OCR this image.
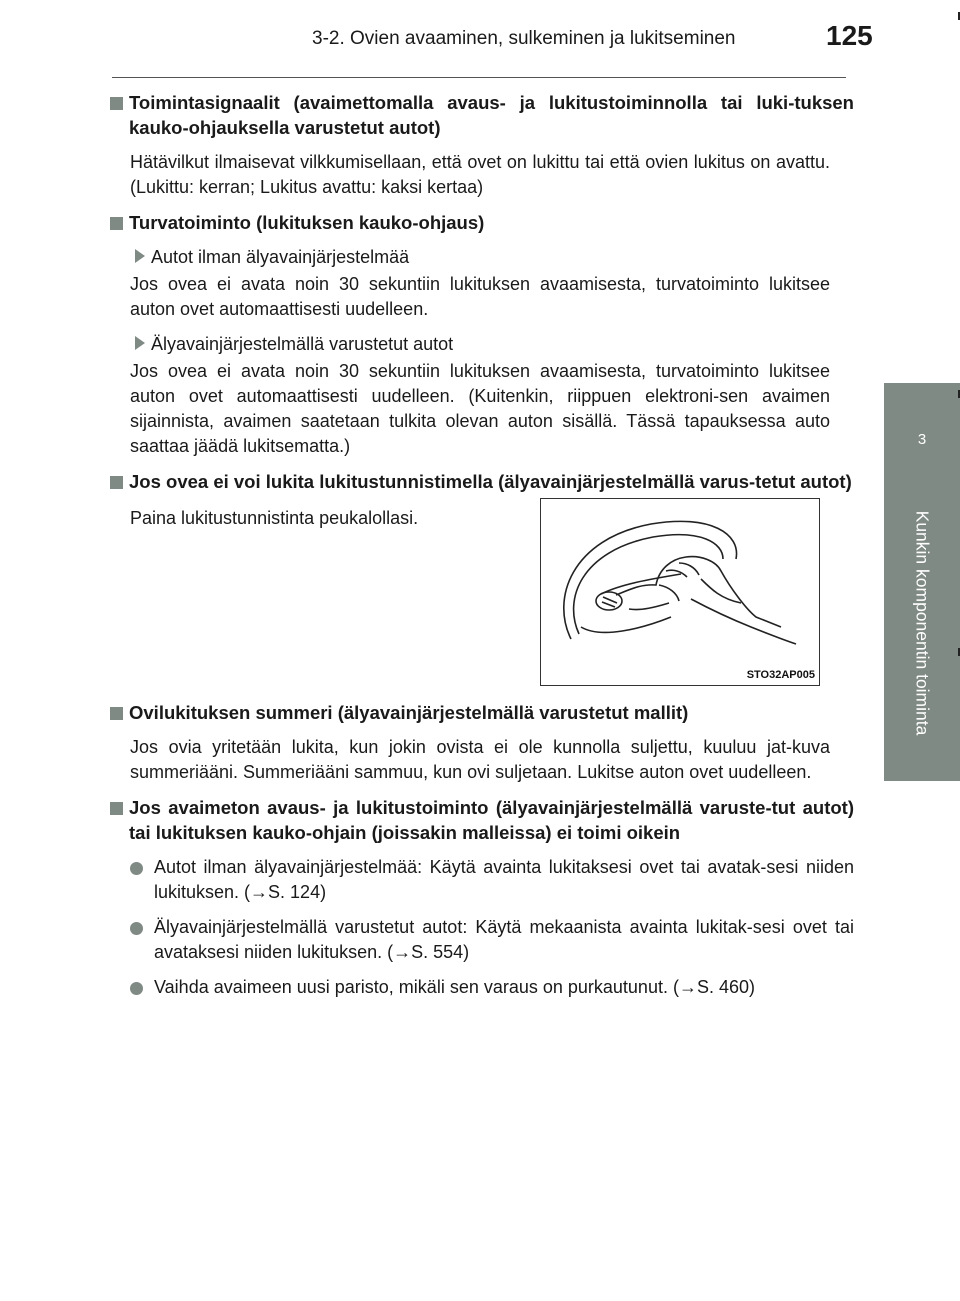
3-2. Ovien avaaminen, sulkeminen ja lukitseminen	125
3
Kunkin komponentin toiminta
Toimintasignaalit (avaimettomalla avaus- ja lukitustoiminnolla tai luki-tuksen kauko-ohjauksella varustetut autot)
Hätävilkut ilmaisevat vilkkumisellaan, että ovet on lukittu tai että ovien lukitus on avattu. (Lukittu: kerran; Lukitus avattu: kaksi kertaa)
Turvatoiminto (lukituksen kauko-ohjaus)
Autot ilman älyavainjärjestelmää
Jos ovea ei avata noin 30 sekuntiin lukituksen avaamisesta, turvatoiminto lukitsee auton ovet automaattisesti uudelleen.
Älyavainjärjestelmällä varustetut autot
Jos ovea ei avata noin 30 sekuntiin lukituksen avaamisesta, turvatoiminto lukitsee auton ovet automaattisesti uudelleen. (Kuitenkin, riippuen elektroni-sen avaimen sijainnista, avaimen saatetaan tulkita olevan auton sisällä. Tässä tapauksessa auto saattaa jäädä lukitsematta.)
Jos ovea ei voi lukita lukitustunnistimella (älyavainjärjestelmällä varus-tetut autot)
Paina lukitustunnistinta peukalollasi.
STO32AP005
Ovilukituksen summeri (älyavainjärjestelmällä varustetut mallit)
Jos ovia yritetään lukita, kun jokin ovista ei ole kunnolla suljettu, kuuluu jat-kuva summeriääni. Summeriääni sammuu, kun ovi suljetaan. Lukitse auton ovet uudelleen.
Jos avaimeton avaus- ja lukitustoiminto (älyavainjärjestelmällä varuste-tut autot) tai lukituksen kauko-ohjain (joissakin malleissa) ei toimi oikein
Autot ilman älyavainjärjestelmää: Käytä avainta lukitaksesi ovet tai avatak-sesi niiden lukituksen. (→S. 124)
Älyavainjärjestelmällä varustetut autot: Käytä mekaanista avainta lukitak-sesi ovet tai avataksesi niiden lukituksen. (→S. 554)
Vaihda avaimeen uusi paristo, mikäli sen varaus on purkautunut. (→S. 460)
